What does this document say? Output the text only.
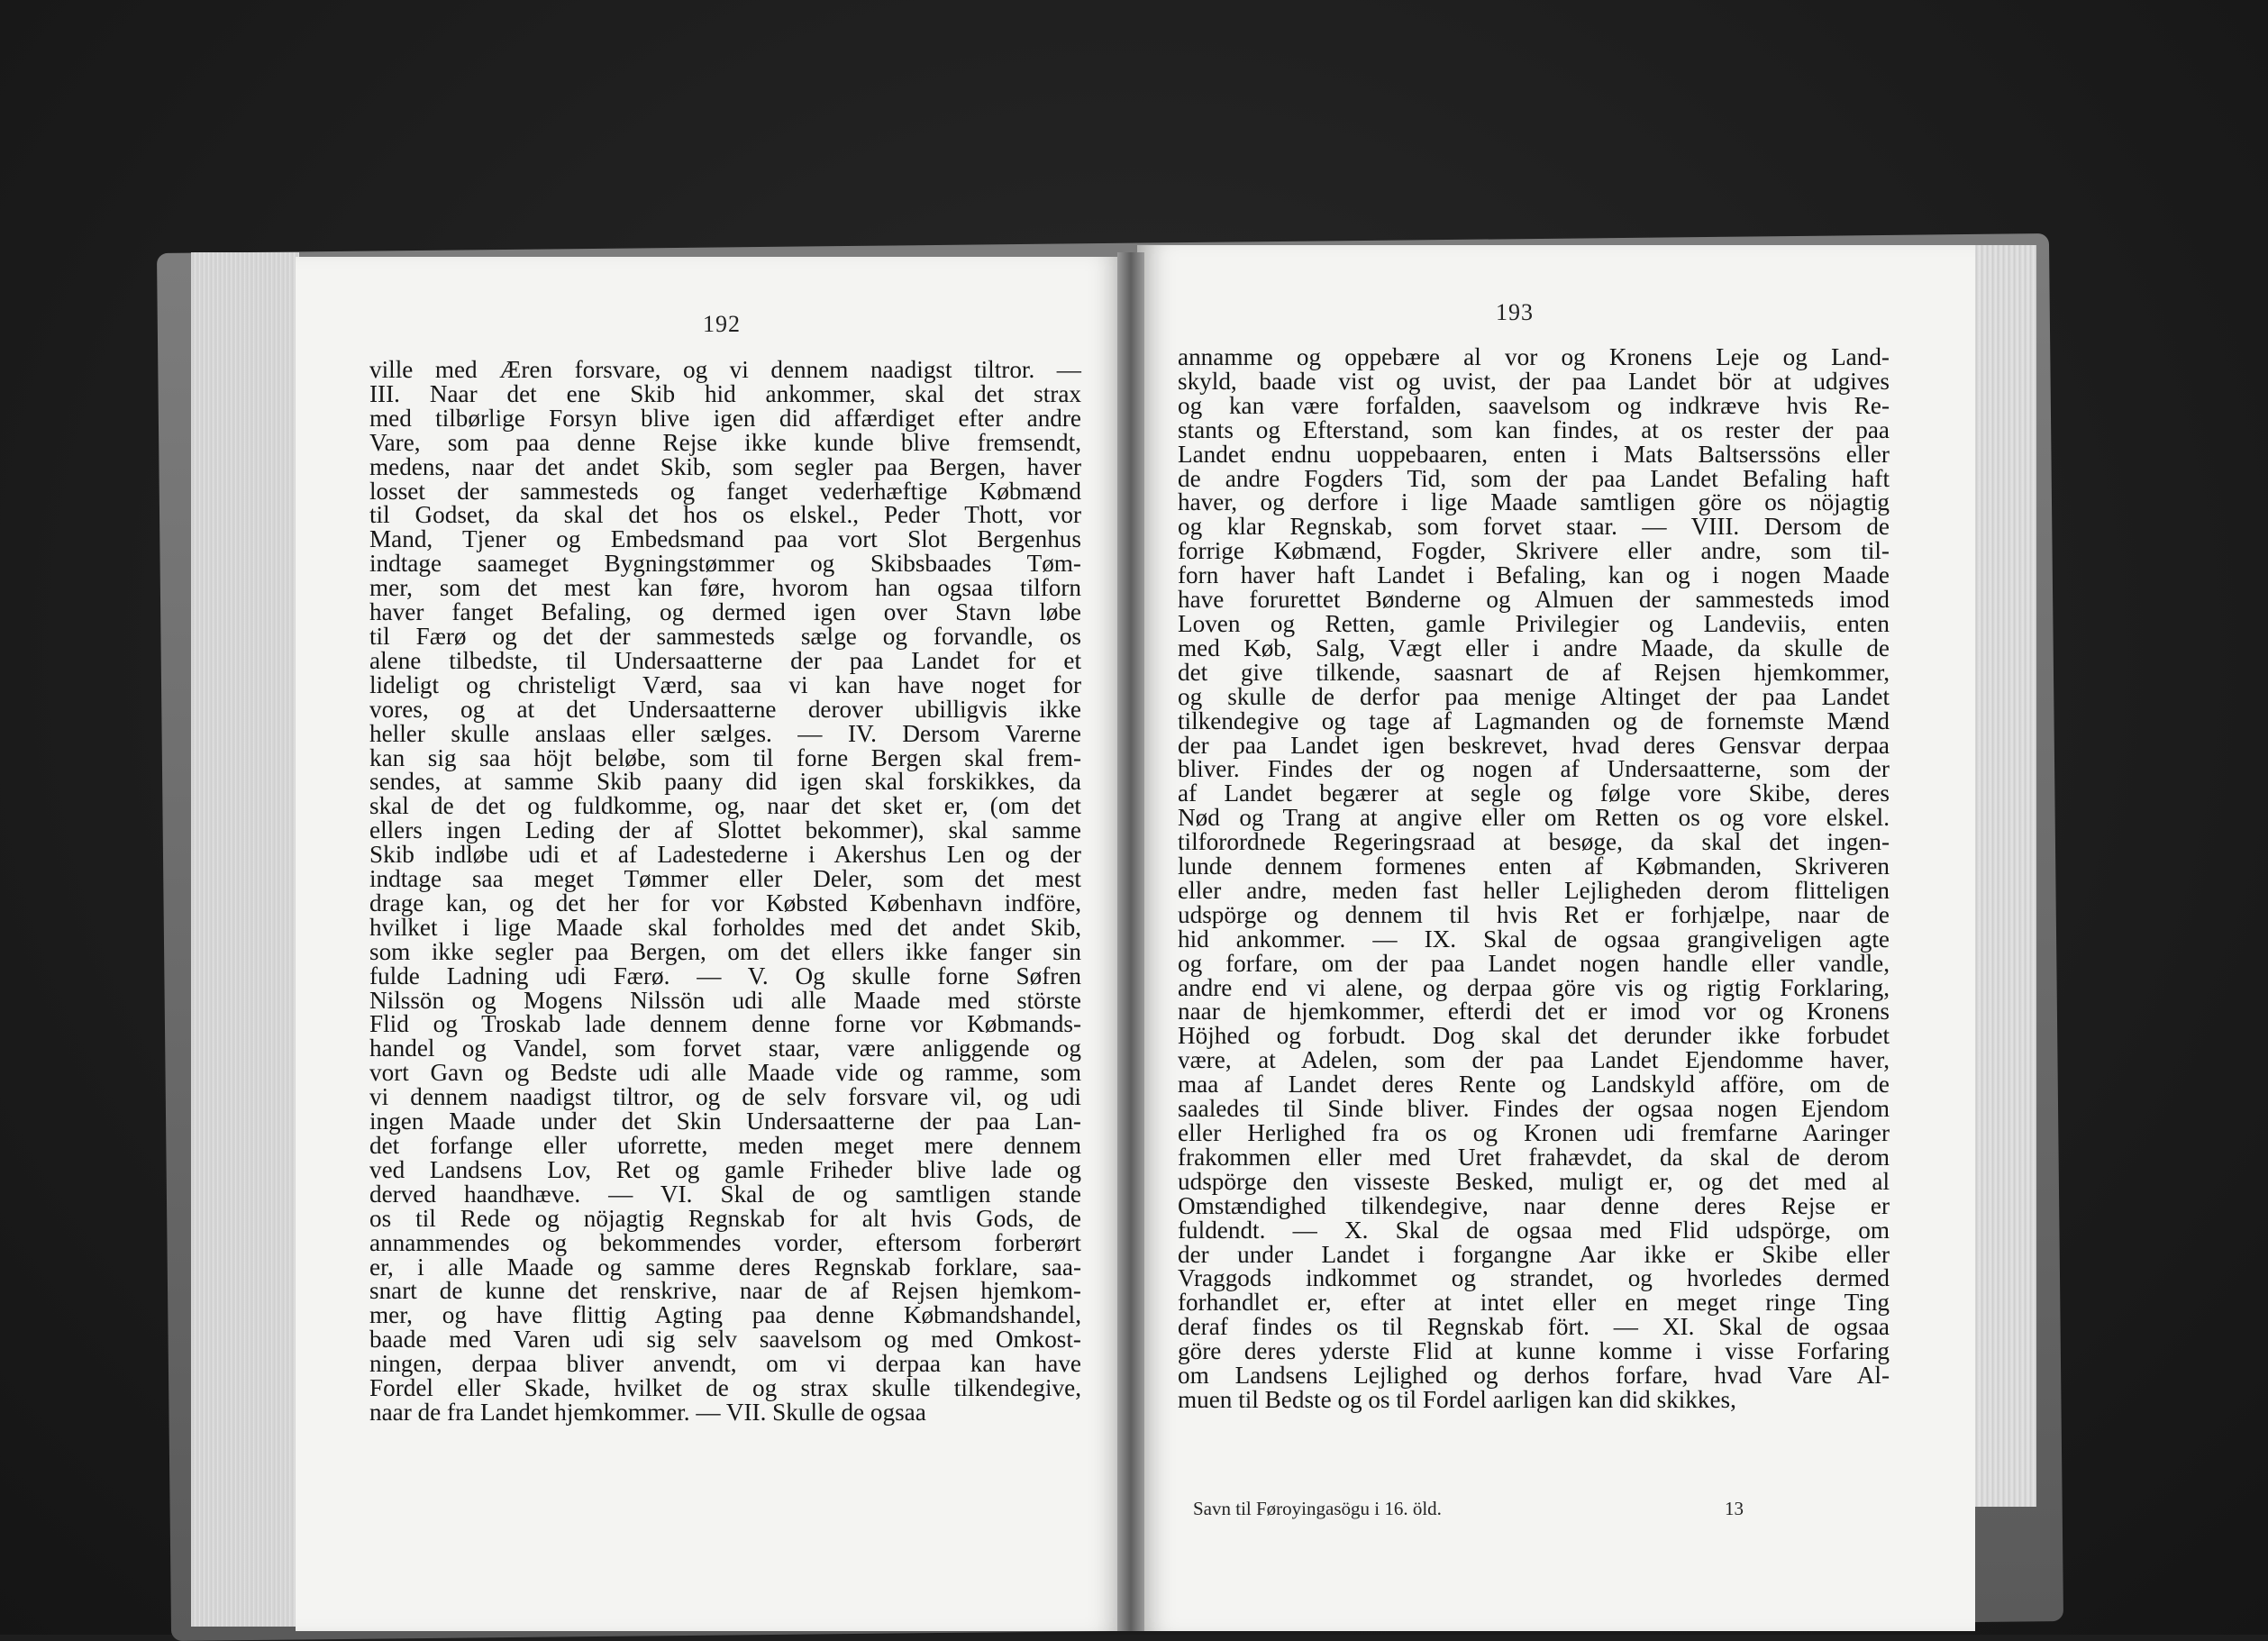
192
ville med Æren forsvare, og vi dennem naadigst tiltror. —
III. Naar det ene Skib hid ankommer, skal det strax
med tilbørlige Forsyn blive igen did affærdiget efter andre
Vare, som paa denne Rejse ikke kunde blive fremsendt,
medens, naar det andet Skib, som segler paa Bergen, haver
losset der sammesteds og fanget vederhæftige Købmænd
til Godset, da skal det hos os elskel., Peder Thott, vor
Mand, Tjener og Embedsmand paa vort Slot Bergenhus
indtage saameget Bygningstømmer og Skibsbaades Tøm-
mer, som det mest kan føre, hvorom han ogsaa tilforn
haver fanget Befaling, og dermed igen over Stavn løbe
til Færø og det der sammesteds sælge og forvandle, os
alene tilbedste, til Undersaatterne der paa Landet for et
lideligt og christeligt Værd, saa vi kan have noget for
vores, og at det Undersaatterne derover ubilligvis ikke
heller skulle anslaas eller sælges. — IV. Dersom Varerne
kan sig saa höjt beløbe, som til forne Bergen skal frem-
sendes, at samme Skib paany did igen skal forskikkes, da
skal de det og fuldkomme, og, naar det sket er, (om det
ellers ingen Leding der af Slottet bekommer), skal samme
Skib indløbe udi et af Ladestederne i Akershus Len og der
indtage saa meget Tømmer eller Deler, som det mest
drage kan, og det her for vor Købsted København indföre,
hvilket i lige Maade skal forholdes med det andet Skib,
som ikke segler paa Bergen, om det ellers ikke fanger sin
fulde Ladning udi Færø. — V. Og skulle forne Søfren
Nilssön og Mogens Nilssön udi alle Maade med störste
Flid og Troskab lade dennem denne forne vor Købmands-
handel og Vandel, som forvet staar, være anliggende og
vort Gavn og Bedste udi alle Maade vide og ramme, som
vi dennem naadigst tiltror, og de selv forsvare vil, og udi
ingen Maade under det Skin Undersaatterne der paa Lan-
det forfange eller uforrette, meden meget mere dennem
ved Landsens Lov, Ret og gamle Friheder blive lade og
derved haandhæve. — VI. Skal de og samtligen stande
os til Rede og nöjagtig Regnskab for alt hvis Gods, de
annammendes og bekommendes vorder, eftersom forberørt
er, i alle Maade og samme deres Regnskab forklare, saa-
snart de kunne det renskrive, naar de af Rejsen hjemkom-
mer, og have flittig Agting paa denne Købmandshandel,
baade med Varen udi sig selv saavelsom og med Omkost-
ningen, derpaa bliver anvendt, om vi derpaa kan have
Fordel eller Skade, hvilket de og strax skulle tilkendegive,
naar de fra Landet hjemkommer. — VII. Skulle de ogsaa
193
annamme og oppebære al vor og Kronens Leje og Land-
skyld, baade vist og uvist, der paa Landet bör at udgives
og kan være forfalden, saavelsom og indkræve hvis Re-
stants og Efterstand, som kan findes, at os rester der paa
Landet endnu uoppebaaren, enten i Mats Baltserssöns eller
de andre Fogders Tid, som der paa Landet Befaling haft
haver, og derfore i lige Maade samtligen göre os nöjagtig
og klar Regnskab, som forvet staar. — VIII. Dersom de
forrige Købmænd, Fogder, Skrivere eller andre, som til-
forn haver haft Landet i Befaling, kan og i nogen Maade
have forurettet Bønderne og Almuen der sammesteds imod
Loven og Retten, gamle Privilegier og Landeviis, enten
med Køb, Salg, Vægt eller i andre Maade, da skulle de
det give tilkende, saasnart de af Rejsen hjemkommer,
og skulle de derfor paa menige Altinget der paa Landet
tilkendegive og tage af Lagmanden og de fornemste Mænd
der paa Landet igen beskrevet, hvad deres Gensvar derpaa
bliver. Findes der og nogen af Undersaatterne, som der
af Landet begærer at segle og følge vore Skibe, deres
Nød og Trang at angive eller om Retten os og vore elskel.
tilforordnede Regeringsraad at besøge, da skal det ingen-
lunde dennem formenes enten af Købmanden, Skriveren
eller andre, meden fast heller Lejligheden derom flitteligen
udspörge og dennem til hvis Ret er forhjælpe, naar de
hid ankommer. — IX. Skal de ogsaa grangiveligen agte
og forfare, om der paa Landet nogen handle eller vandle,
andre end vi alene, og derpaa göre vis og rigtig Forklaring,
naar de hjemkommer, efterdi det er imod vor og Kronens
Höjhed og forbudt. Dog skal det derunder ikke forbudet
være, at Adelen, som der paa Landet Ejendomme haver,
maa af Landet deres Rente og Landskyld afföre, om de
saaledes til Sinde bliver. Findes der ogsaa nogen Ejendom
eller Herlighed fra os og Kronen udi fremfarne Aaringer
frakommen eller med Uret frahævdet, da skal de derom
udspörge den visseste Besked, muligt er, og det med al
Omstændighed tilkendegive, naar denne deres Rejse er
fuldendt. — X. Skal de ogsaa med Flid udspörge, om
der under Landet i forgangne Aar ikke er Skibe eller
Vraggods indkommet og strandet, og hvorledes dermed
forhandlet er, efter at intet eller en meget ringe Ting
deraf findes os til Regnskab fört. — XI. Skal de ogsaa
göre deres yderste Flid at kunne komme i visse Forfaring
om Landsens Lejlighed og derhos forfare, hvad Vare Al-
muen til Bedste og os til Fordel aarligen kan did skikkes,
Savn til Føroyingasögu i 16. öld.	13
